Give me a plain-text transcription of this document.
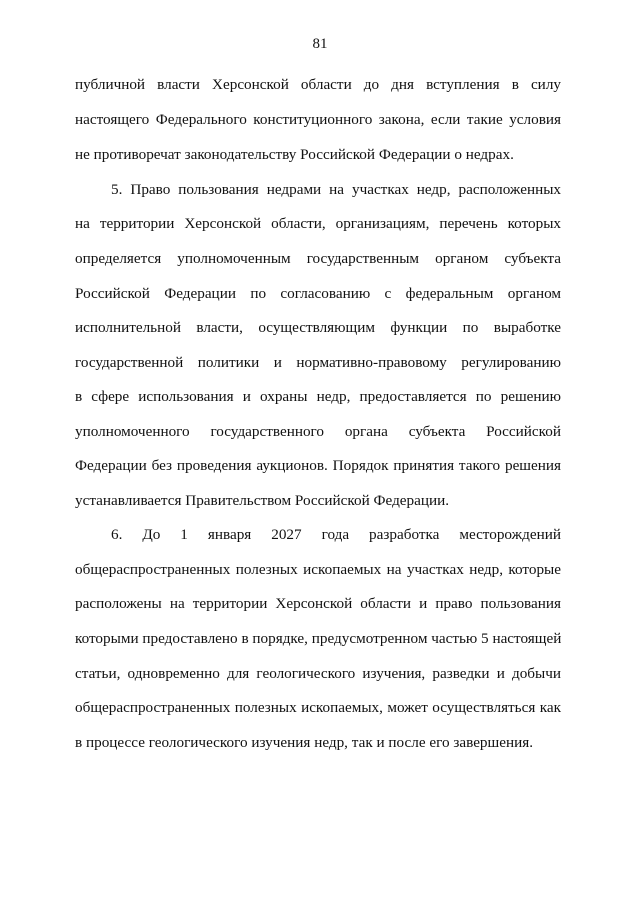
81
публичной власти Херсонской области до дня вступления в силу
настоящего Федерального конституционного закона, если такие условия
не противоречат законодательству Российской Федерации о недрах.
5. Право пользования недрами на участках недр, расположенных
на территории Херсонской области, организациям, перечень которых
определяется уполномоченным государственным органом субъекта
Российской Федерации по согласованию с федеральным органом
исполнительной власти, осуществляющим функции по выработке
государственной политики и нормативно-правовому регулированию
в сфере использования и охраны недр, предоставляется по решению
уполномоченного государственного органа субъекта Российской
Федерации без проведения аукционов. Порядок принятия такого решения
устанавливается Правительством Российской Федерации.
6. До 1 января 2027 года разработка месторождений
общераспространенных полезных ископаемых на участках недр, которые
расположены на территории Херсонской области и право пользования
которыми предоставлено в порядке, предусмотренном частью 5 настоящей
статьи, одновременно для геологического изучения, разведки и добычи
общераспространенных полезных ископаемых, может осуществляться как
в процессе геологического изучения недр, так и после его завершения.
